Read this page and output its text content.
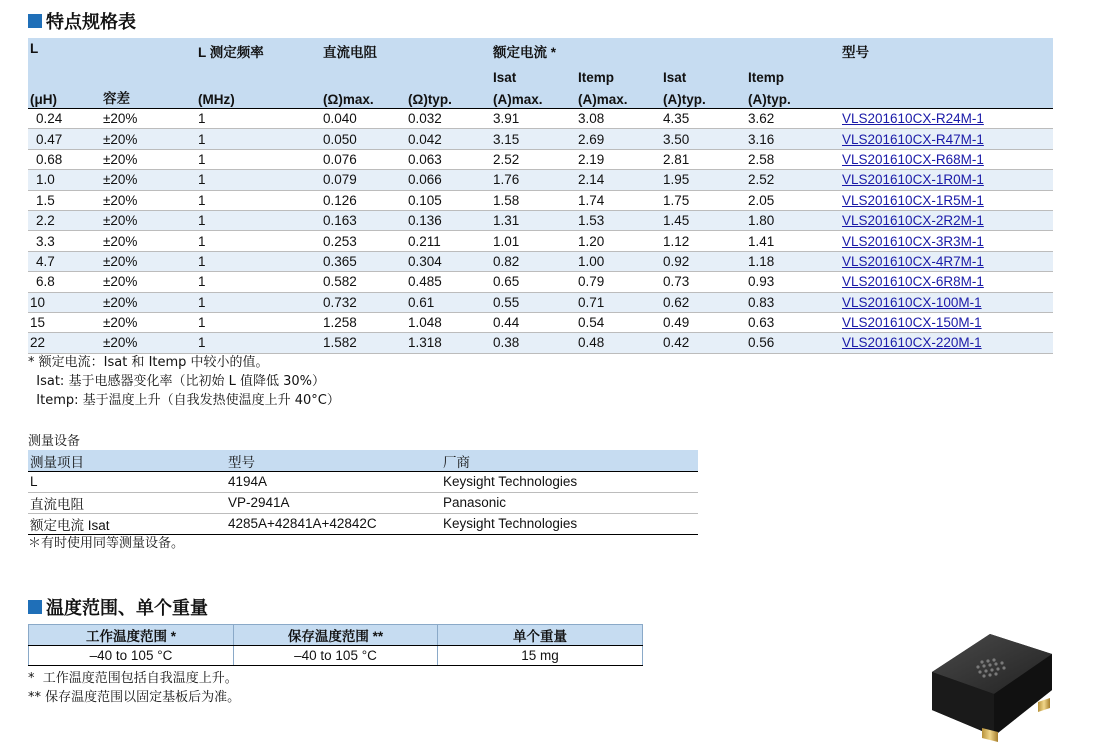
特点规格表
L		L 测定频率	直流电阻		额定电流 *				型号
					Isat	Itemp	Isat	Itemp	
(μH)	容差	(MHz)	(Ω)max.	(Ω)typ.	(A)max.	(A)max.	(A)typ.	(A)typ.	
0.24	±20%	1	0.040	0.032	3.91	3.08	4.35	3.62	VLS201610CX-R24M-1
0.47	±20%	1	0.050	0.042	3.15	2.69	3.50	3.16	VLS201610CX-R47M-1
0.68	±20%	1	0.076	0.063	2.52	2.19	2.81	2.58	VLS201610CX-R68M-1
1.0	±20%	1	0.079	0.066	1.76	2.14	1.95	2.52	VLS201610CX-1R0M-1
1.5	±20%	1	0.126	0.105	1.58	1.74	1.75	2.05	VLS201610CX-1R5M-1
2.2	±20%	1	0.163	0.136	1.31	1.53	1.45	1.80	VLS201610CX-2R2M-1
3.3	±20%	1	0.253	0.211	1.01	1.20	1.12	1.41	VLS201610CX-3R3M-1
4.7	±20%	1	0.365	0.304	0.82	1.00	0.92	1.18	VLS201610CX-4R7M-1
6.8	±20%	1	0.582	0.485	0.65	0.79	0.73	0.93	VLS201610CX-6R8M-1
10	±20%	1	0.732	0.61	0.55	0.71	0.62	0.83	VLS201610CX-100M-1
15	±20%	1	1.258	1.048	0.44	0.54	0.49	0.63	VLS201610CX-150M-1
22	±20%	1	1.582	1.318	0.38	0.48	0.42	0.56	VLS201610CX-220M-1
* 额定电流：Isat 和 Itemp 中较小的值。
Isat: 基于电感器变化率（比初始 L 值降低 30%）
Itemp: 基于温度上升（自我发热使温度上升 40°C）
测量设备
测量项目	型号	厂商
L	4194A	Keysight Technologies
直流电阻	VP-2941A	Panasonic
额定电流 Isat	4285A+42841A+42842C	Keysight Technologies
＊有时使用同等测量设备。
温度范围、单个重量
工作温度范围 *	保存温度范围 **	单个重量
–40 to 105 °C	–40 to 105 °C	15 mg
*  工作温度范围包括自我温度上升。
** 保存温度范围以固定基板后为准。
